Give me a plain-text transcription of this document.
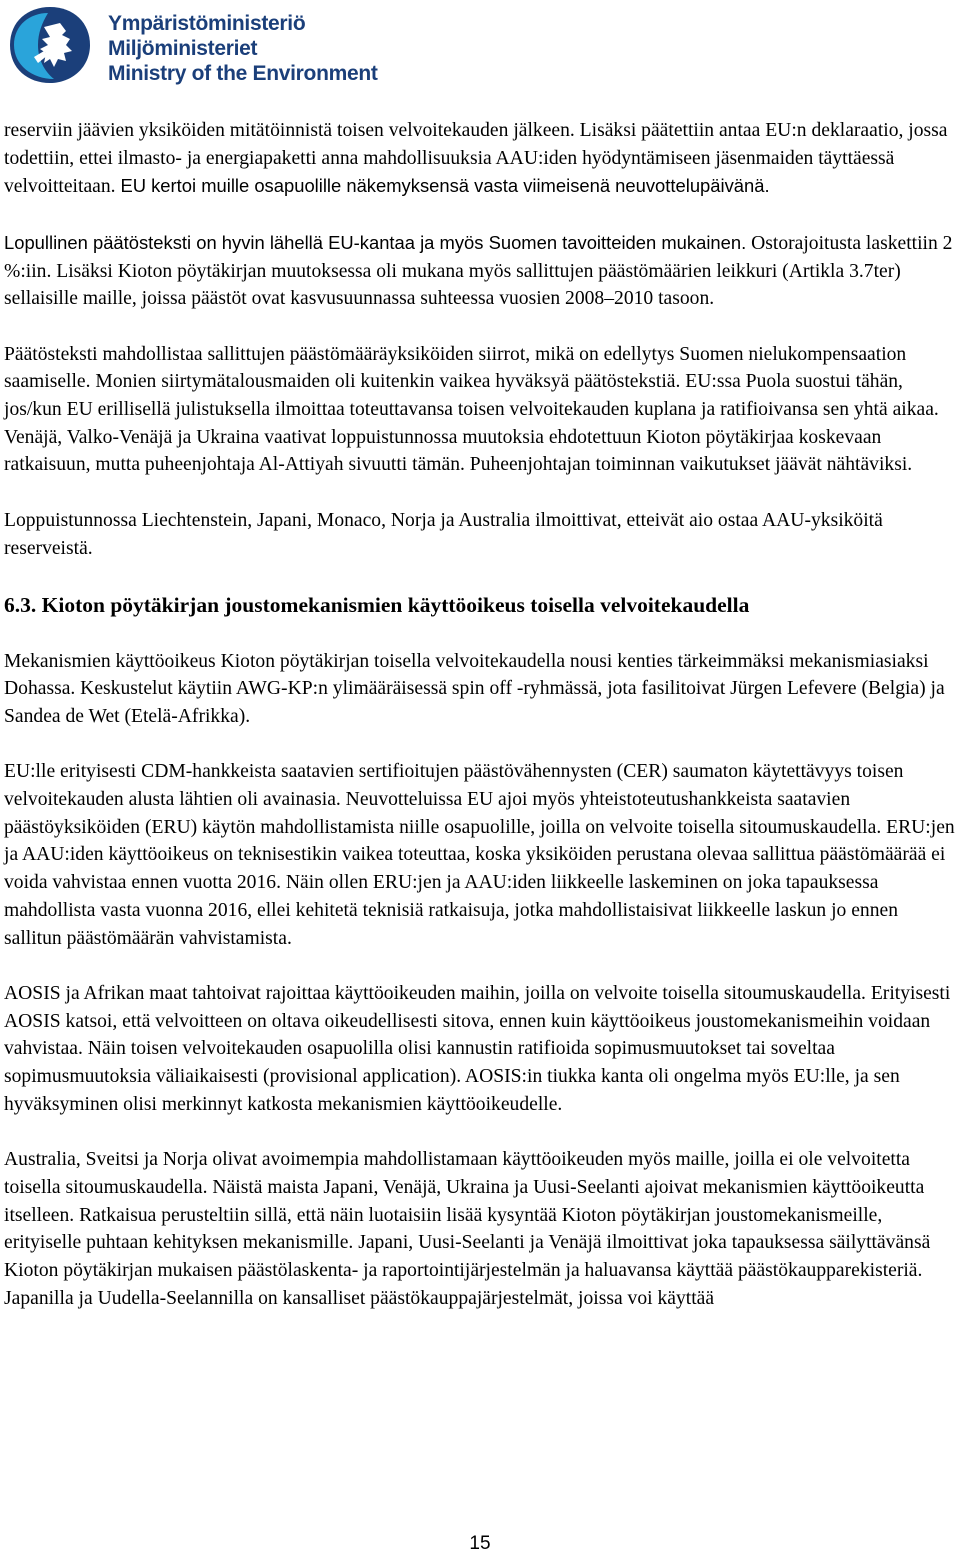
Ympäristöministeriö
Miljöministeriet
Ministry of the Environment

reserviin jäävien yksiköiden mitätöinnistä toisen velvoitekauden jälkeen. Lisäksi päätettiin antaa EU:n deklaraatio, jossa todettiin, ettei ilmasto- ja energiapaketti anna mahdollisuuksia AAU:iden hyödyntämiseen jäsenmaiden täyttäessä velvoitteitaan. EU kertoi muille osapuolille näkemyksensä vasta viimeisenä neuvottelupäivänä.

Lopullinen päätösteksti on hyvin lähellä EU-kantaa ja myös Suomen tavoitteiden mukainen. Ostorajoitusta laskettiin 2 %:iin. Lisäksi Kioton pöytäkirjan muutoksessa oli mukana myös sallittujen päästömäärien leikkuri (Artikla 3.7ter) sellaisille maille, joissa päästöt ovat kasvusuunnassa suhteessa vuosien 2008‒2010 tasoon.

Päätösteksti mahdollistaa sallittujen päästömääräyksiköiden siirrot, mikä on edellytys Suomen nielukompensaation saamiselle. Monien siirtymätalousmaiden oli kuitenkin vaikea hyväksyä päätöstekstiä. EU:ssa Puola suostui tähän, jos/kun EU erillisellä julistuksella ilmoittaa toteuttavansa toisen velvoitekauden kuplana ja ratifioivansa sen yhtä aikaa. Venäjä, Valko-Venäjä ja Ukraina vaativat loppuistunnossa muutoksia ehdotettuun Kioton pöytäkirjaa koskevaan ratkaisuun, mutta puheenjohtaja Al-Attiyah sivuutti tämän. Puheenjohtajan toiminnan vaikutukset jäävät nähtäviksi.

Loppuistunnossa Liechtenstein, Japani, Monaco, Norja ja Australia ilmoittivat, etteivät aio ostaa AAU-yksiköitä reserveistä.

6.3. Kioton pöytäkirjan joustomekanismien käyttöoikeus toisella velvoitekaudella

Mekanismien käyttöoikeus Kioton pöytäkirjan toisella velvoitekaudella nousi kenties tärkeimmäksi mekanismiasiaksi Dohassa. Keskustelut käytiin AWG-KP:n ylimääräisessä spin off -ryhmässä, jota fasilitoivat Jürgen Lefevere (Belgia) ja Sandea de Wet (Etelä-Afrikka).

EU:lle erityisesti CDM-hankkeista saatavien sertifioitujen päästövähennysten (CER) saumaton käytettävyys toisen velvoitekauden alusta lähtien oli avainasia. Neuvotteluissa EU ajoi myös yhteistoteutushankkeista saatavien päästöyksiköiden (ERU) käytön mahdollistamista niille osapuolille, joilla on velvoite toisella sitoumuskaudella. ERU:jen ja AAU:iden käyttöoikeus on teknisestikin vaikea toteuttaa, koska yksiköiden perustana olevaa sallittua päästömäärää ei voida vahvistaa ennen vuotta 2016. Näin ollen ERU:jen ja AAU:iden liikkeelle laskeminen on joka tapauksessa mahdollista vasta vuonna 2016, ellei kehitetä teknisiä ratkaisuja, jotka mahdollistaisivat liikkeelle laskun jo ennen sallitun päästömäärän vahvistamista.

AOSIS ja Afrikan maat tahtoivat rajoittaa käyttöoikeuden maihin, joilla on velvoite toisella sitoumuskaudella. Erityisesti AOSIS katsoi, että velvoitteen on oltava oikeudellisesti sitova, ennen kuin käyttöoikeus joustomekanismeihin voidaan vahvistaa. Näin toisen velvoitekauden osapuolilla olisi kannustin ratifioida sopimusmuutokset tai soveltaa sopimusmuutoksia väliaikaisesti (provisional application). AOSIS:in tiukka kanta oli ongelma myös EU:lle, ja sen hyväksyminen olisi merkinnyt katkosta mekanismien käyttöoikeudelle.

Australia, Sveitsi ja Norja olivat avoimempia mahdollistamaan käyttöoikeuden myös maille, joilla ei ole velvoitetta toisella sitoumuskaudella. Näistä maista Japani, Venäjä, Ukraina ja Uusi-Seelanti ajoivat mekanismien käyttöoikeutta itselleen. Ratkaisua perusteltiin sillä, että näin luotaisiin lisää kysyntää Kioton pöytäkirjan joustomekanismeille, erityiselle puhtaan kehityksen mekanismille. Japani, Uusi-Seelanti ja Venäjä ilmoittivat joka tapauksessa säilyttävänsä Kioton pöytäkirjan mukaisen päästölaskenta- ja raportointijärjestelmän ja haluavansa käyttää päästökaupparekisteriä. Japanilla ja Uudella-Seelannilla on kansalliset päästökauppajärjestelmät, joissa voi käyttää

15
